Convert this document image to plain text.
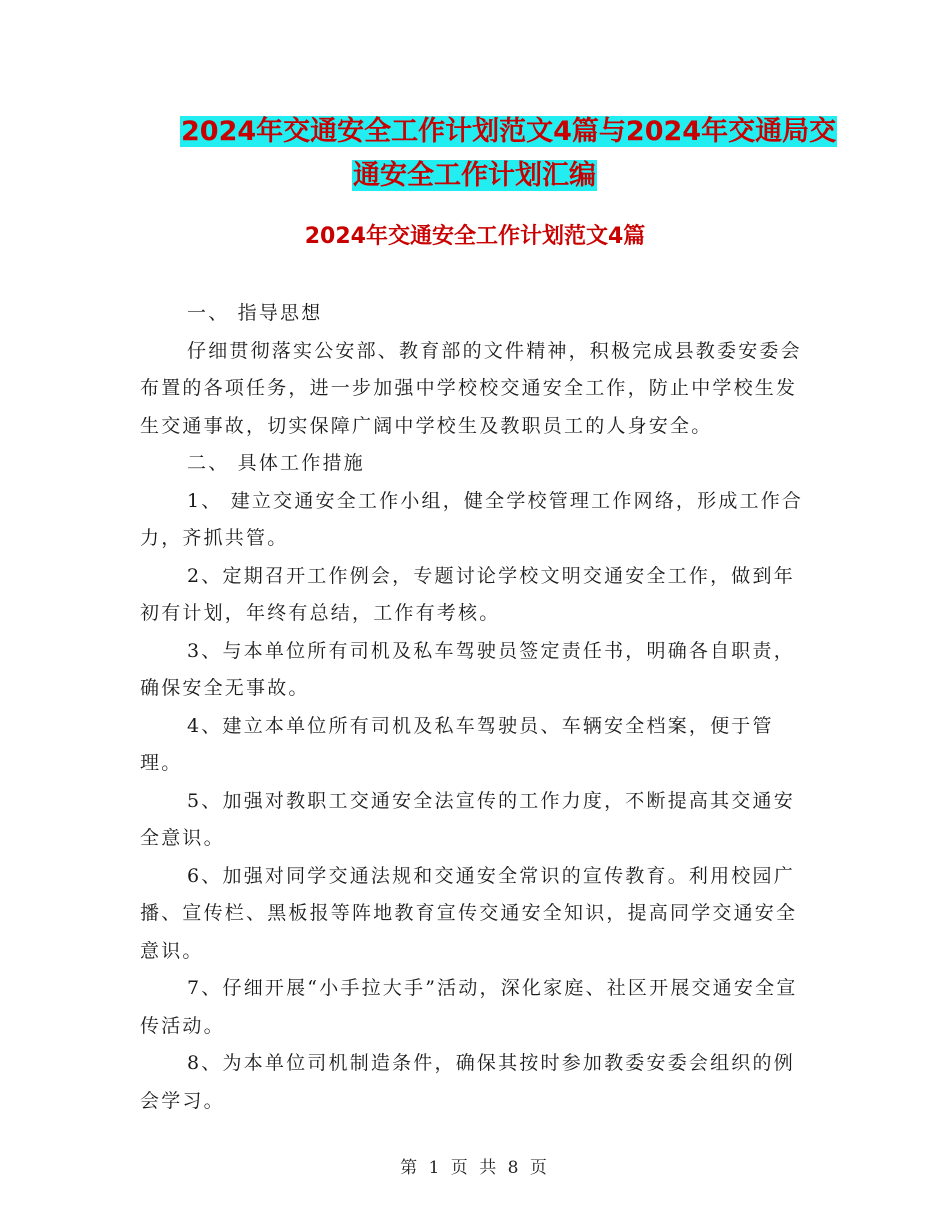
2024年交通安全工作计划范文4篇与2024年交通局交
通安全工作计划汇编
2024年交通安全工作计划范文4篇

一、 指导思想

仔细贯彻落实公安部、教育部的文件精神，积极完成县教委安委会布置的各项任务，进一步加强中学校校交通安全工作，防止中学校生发生交通事故，切实保障广阔中学校生及教职员工的人身安全。

二、 具体工作措施

1、 建立交通安全工作小组，健全学校管理工作网络，形成工作合力，齐抓共管。

2、定期召开工作例会，专题讨论学校文明交通安全工作，做到年初有计划，年终有总结，工作有考核。

3、与本单位所有司机及私车驾驶员签定责任书，明确各自职责，确保安全无事故。

4、建立本单位所有司机及私车驾驶员、车辆安全档案，便于管理。

5、加强对教职工交通安全法宣传的工作力度，不断提高其交通安全意识。

6、加强对同学交通法规和交通安全常识的宣传教育。利用校园广播、宣传栏、黑板报等阵地教育宣传交通安全知识，提高同学交通安全意识。

7、仔细开展“小手拉大手”活动，深化家庭、社区开展交通安全宣传活动。

8、为本单位司机制造条件，确保其按时参加教委安委会组织的例会学习。

第 1 页 共 8 页
